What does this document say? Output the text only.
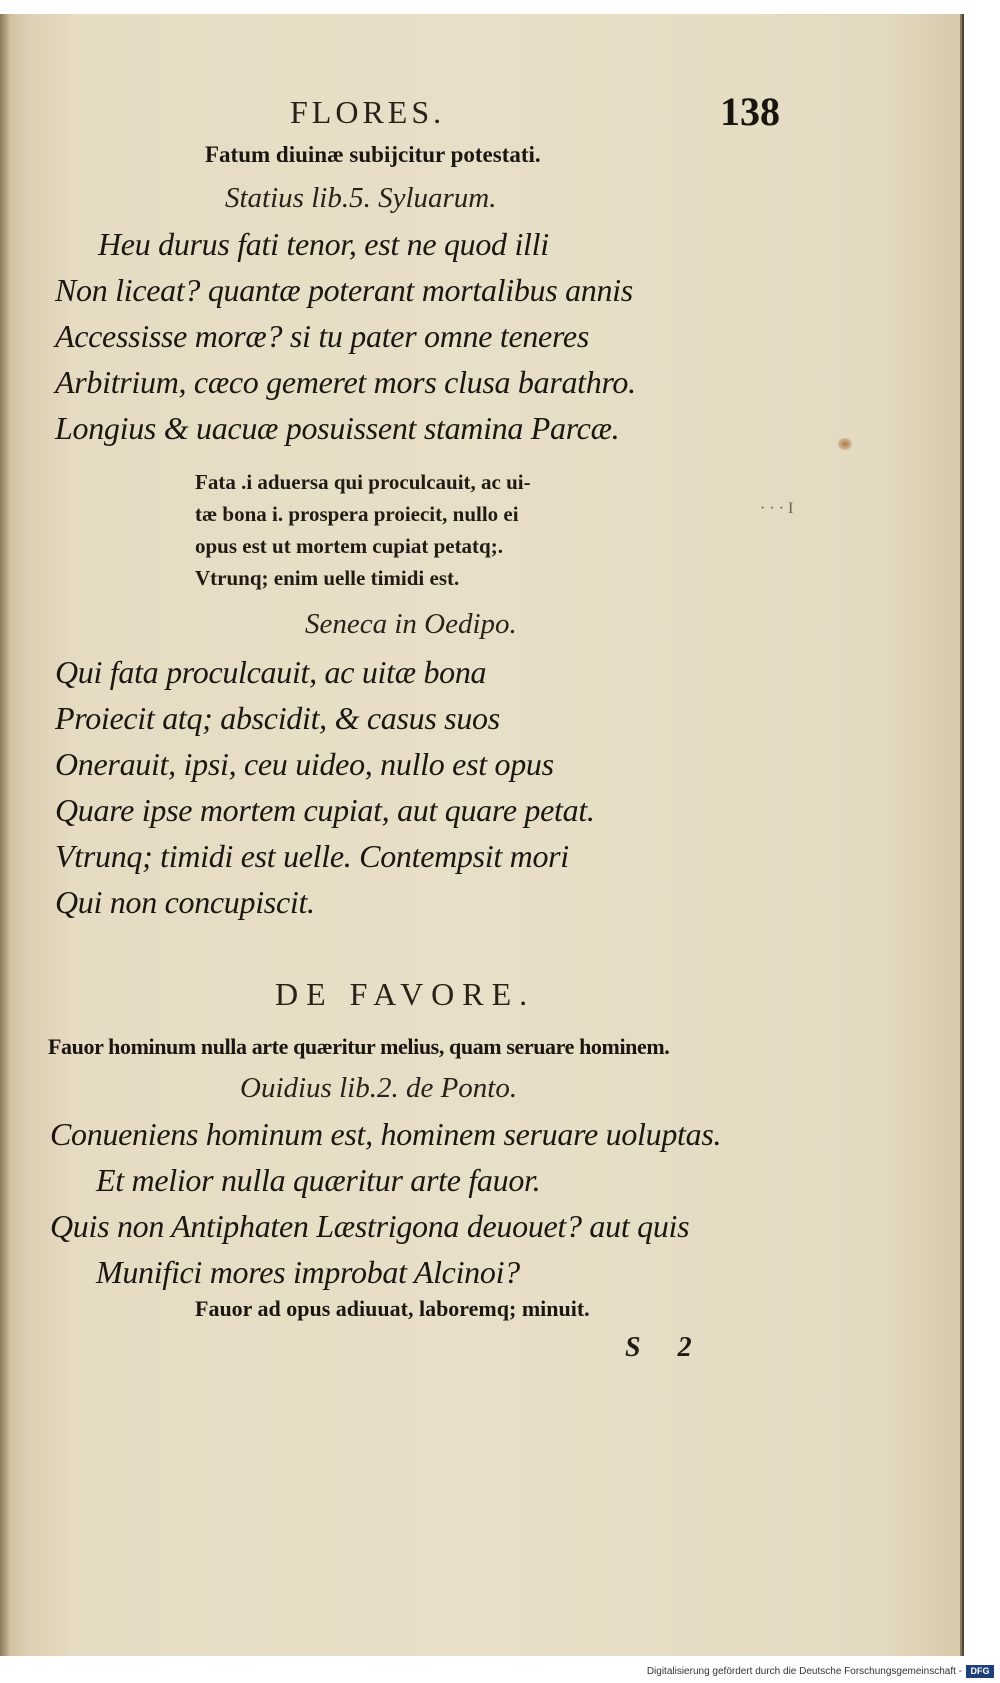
FLORES.	138
Fatum diuinæ subijcitur potestati.
Statius lib.5. Syluarum.
Heu durus fati tenor, est ne quod illi
Non liceat? quantæ poterant mortalibus annis
Accessisse moræ? si tu pater omne teneres
Arbitrium, cæco gemeret mors clusa barathro.
Longius & uacuæ posuissent stamina Parcæ.
Fata .i aduersa qui proculcauit, ac ui-
tæ bona i. prospera proiecit, nullo ei
opus est ut mortem cupiat petatq;.
Vtrunq; enim uelle timidi est.
Seneca in Oedipo.
Qui fata proculcauit, ac uitæ bona
Proiecit atq; abscidit, & casus suos
Onerauit, ipsi, ceu uideo, nullo est opus
Quare ipse mortem cupiat, aut quare petat.
Vtrunq; timidi est uelle. Contempsit mori
Qui non concupiscit.
DE FAVORE.
Fauor hominum nulla arte quæritur melius, quam seruare hominem.
Ouidius lib.2. de Ponto.
Conueniens hominum est, hominem seruare uoluptas.
Et melior nulla quæritur arte fauor.
Quis non Antiphaten Læstrigona deuouet? aut quis
Munifici mores improbat Alcinoi?
Fauor ad opus adiuuat, laboremq; minuit.
S 2
· · · I
Digitalisierung gefördert durch die Deutsche Forschungsgemeinschaft - DFG
